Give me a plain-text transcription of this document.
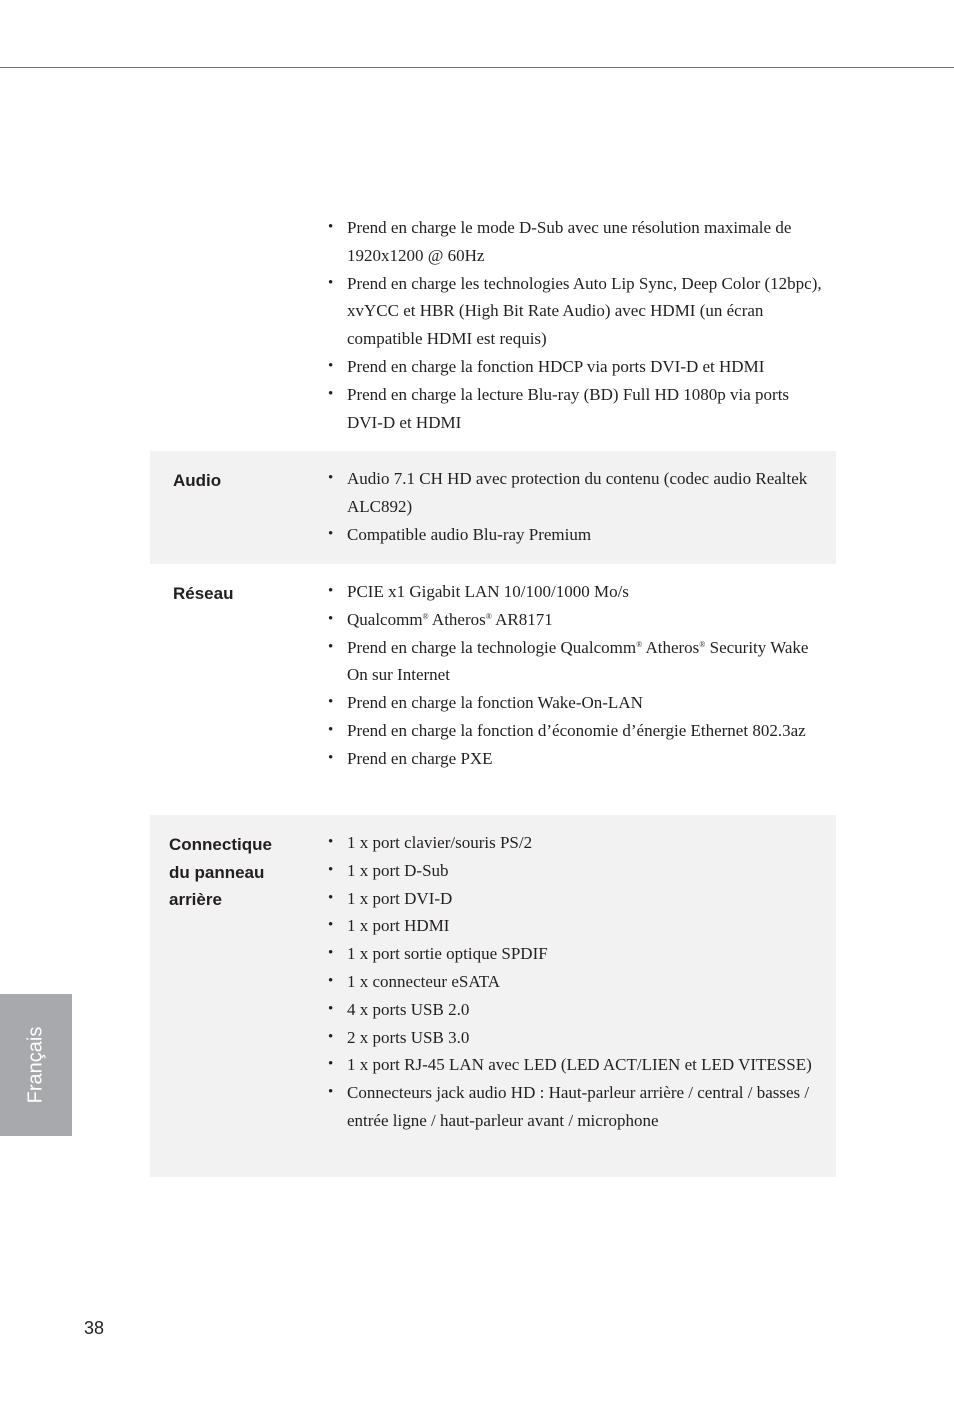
• Prend en charge le mode D-Sub avec une résolution maximale de 1920x1200 @ 60Hz
• Prend en charge les technologies Auto Lip Sync, Deep Color (12bpc), xvYCC et HBR (High Bit Rate Audio) avec HDMI (un écran compatible HDMI est requis)
• Prend en charge la fonction HDCP via ports DVI-D et HDMI
• Prend en charge la lecture Blu-ray (BD) Full HD 1080p via ports DVI-D et HDMI
Audio	• Audio 7.1 CH HD avec protection du contenu (codec audio Realtek ALC892)
• Compatible audio Blu-ray Premium
Réseau	• PCIE x1 Gigabit LAN 10/100/1000 Mo/s
• Qualcomm® Atheros® AR8171
• Prend en charge la technologie Qualcomm® Atheros® Security Wake On sur Internet
• Prend en charge la fonction Wake-On-LAN
• Prend en charge la fonction d’économie d’énergie Ethernet 802.3az
• Prend en charge PXE
Connectique
du panneau
arrière
• 1 x port clavier/souris PS/2
• 1 x port D-Sub
• 1 x port DVI-D
• 1 x port HDMI
• 1 x port sortie optique SPDIF
• 1 x connecteur eSATA
• 4 x ports USB 2.0
• 2 x ports USB 3.0
• 1 x port RJ-45 LAN avec LED (LED ACT/LIEN et LED VITESSE)
• Connecteurs jack audio HD : Haut-parleur arrière / central / basses / entrée ligne / haut-parleur avant / microphone
Français
38
